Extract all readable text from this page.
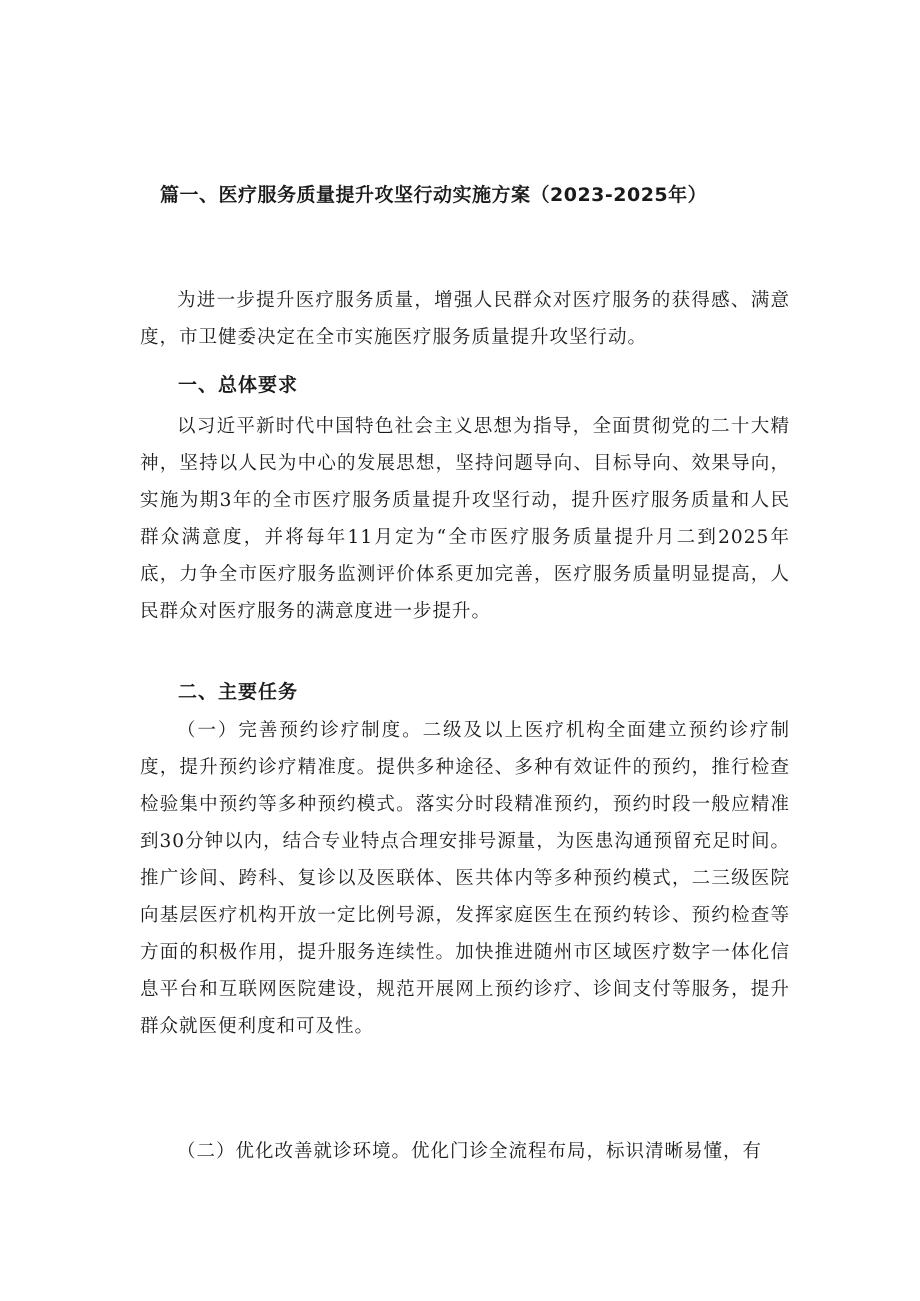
篇一、医疗服务质量提升攻坚行动实施方案（2023-2025年）

为进一步提升医疗服务质量，增强人民群众对医疗服务的获得感、满意度，市卫健委决定在全市实施医疗服务质量提升攻坚行动。

一、总体要求

以习近平新时代中国特色社会主义思想为指导，全面贯彻党的二十大精神，坚持以人民为中心的发展思想，坚持问题导向、目标导向、效果导向，实施为期3年的全市医疗服务质量提升攻坚行动，提升医疗服务质量和人民群众满意度，并将每年11月定为“全市医疗服务质量提升月二到2025年底，力争全市医疗服务监测评价体系更加完善，医疗服务质量明显提高，人民群众对医疗服务的满意度进一步提升。

二、主要任务

（一）完善预约诊疗制度。二级及以上医疗机构全面建立预约诊疗制度，提升预约诊疗精准度。提供多种途径、多种有效证件的预约，推行检查检验集中预约等多种预约模式。落实分时段精准预约，预约时段一般应精准到30分钟以内，结合专业特点合理安排号源量，为医患沟通预留充足时间。推广诊间、跨科、复诊以及医联体、医共体内等多种预约模式，二三级医院向基层医疗机构开放一定比例号源，发挥家庭医生在预约转诊、预约检查等方面的积极作用，提升服务连续性。加快推进随州市区域医疗数字一体化信息平台和互联网医院建设，规范开展网上预约诊疗、诊间支付等服务，提升群众就医便利度和可及性。

（二）优化改善就诊环境。优化门诊全流程布局，标识清晰易懂，有
